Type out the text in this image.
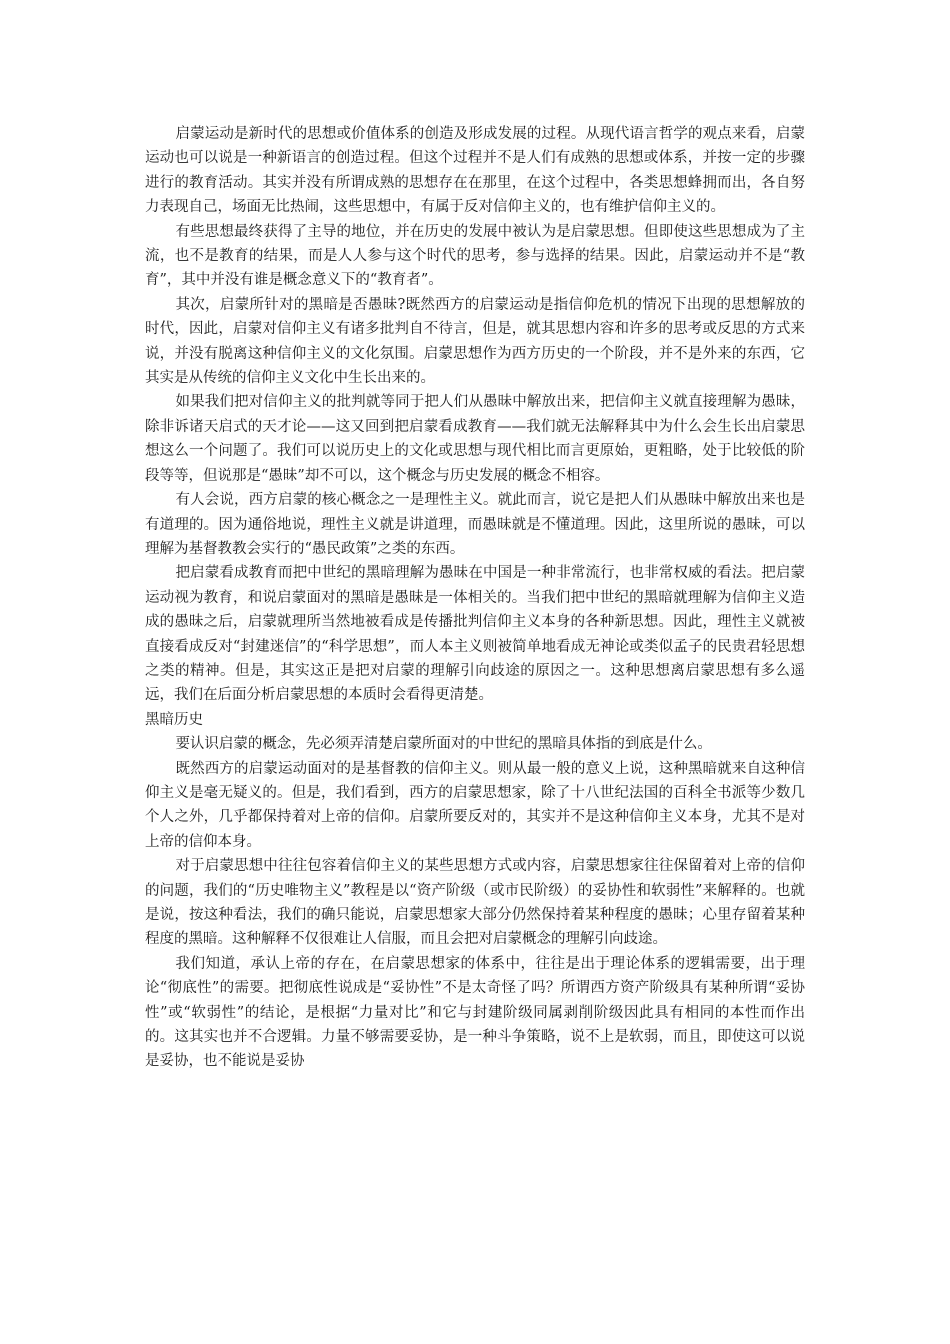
启蒙运动是新时代的思想或价值体系的创造及形成发展的过程。从现代语言哲学的观点来看，启蒙运动也可以说是一种新语言的创造过程。但这个过程并不是人们有成熟的思想或体系，并按一定的步骤进行的教育活动。其实并没有所谓成熟的思想存在在那里，在这个过程中，各类思想蜂拥而出，各自努力表现自己，场面无比热闹，这些思想中，有属于反对信仰主义的，也有维护信仰主义的。

有些思想最终获得了主导的地位，并在历史的发展中被认为是启蒙思想。但即使这些思想成为了主流，也不是教育的结果，而是人人参与这个时代的思考，参与选择的结果。因此，启蒙运动并不是“教育”，其中并没有谁是概念意义下的“教育者”。

其次，启蒙所针对的黑暗是否愚昧?既然西方的启蒙运动是指信仰危机的情况下出现的思想解放的时代，因此，启蒙对信仰主义有诸多批判自不待言，但是，就其思想内容和许多的思考或反思的方式来说，并没有脱离这种信仰主义的文化氛围。启蒙思想作为西方历史的一个阶段，并不是外来的东西，它其实是从传统的信仰主义文化中生长出来的。

如果我们把对信仰主义的批判就等同于把人们从愚昧中解放出来，把信仰主义就直接理解为愚昧，除非诉诸天启式的天才论——这又回到把启蒙看成教育——我们就无法解释其中为什么会生长出启蒙思想这么一个问题了。我们可以说历史上的文化或思想与现代相比而言更原始，更粗略，处于比较低的阶段等等，但说那是“愚昧”却不可以，这个概念与历史发展的概念不相容。

有人会说，西方启蒙的核心概念之一是理性主义。就此而言，说它是把人们从愚昧中解放出来也是有道理的。因为通俗地说，理性主义就是讲道理，而愚昧就是不懂道理。因此，这里所说的愚昧，可以理解为基督教教会实行的“愚民政策”之类的东西。

把启蒙看成教育而把中世纪的黑暗理解为愚昧在中国是一种非常流行，也非常权威的看法。把启蒙运动视为教育，和说启蒙面对的黑暗是愚昧是一体相关的。当我们把中世纪的黑暗就理解为信仰主义造成的愚昧之后，启蒙就理所当然地被看成是传播批判信仰主义本身的各种新思想。因此，理性主义就被直接看成反对“封建迷信”的“科学思想”，而人本主义则被简单地看成无神论或类似孟子的民贵君轻思想之类的精神。但是，其实这正是把对启蒙的理解引向歧途的原因之一。这种思想离启蒙思想有多么遥远，我们在后面分析启蒙思想的本质时会看得更清楚。

黑暗历史

要认识启蒙的概念，先必须弄清楚启蒙所面对的中世纪的黑暗具体指的到底是什么。

既然西方的启蒙运动面对的是基督教的信仰主义。则从最一般的意义上说，这种黑暗就来自这种信仰主义是毫无疑义的。但是，我们看到，西方的启蒙思想家，除了十八世纪法国的百科全书派等少数几个人之外，几乎都保持着对上帝的信仰。启蒙所要反对的，其实并不是这种信仰主义本身，尤其不是对上帝的信仰本身。

对于启蒙思想中往往包容着信仰主义的某些思想方式或内容，启蒙思想家往往保留着对上帝的信仰的问题，我们的“历史唯物主义”教程是以“资产阶级（或市民阶级）的妥协性和软弱性”来解释的。也就是说，按这种看法，我们的确只能说，启蒙思想家大部分仍然保持着某种程度的愚昧；心里存留着某种程度的黑暗。这种解释不仅很难让人信服，而且会把对启蒙概念的理解引向歧途。

我们知道，承认上帝的存在，在启蒙思想家的体系中，往往是出于理论体系的逻辑需要，出于理论“彻底性”的需要。把彻底性说成是“妥协性”不是太奇怪了吗？所谓西方资产阶级具有某种所谓“妥协性”或“软弱性”的结论，是根据“力量对比”和它与封建阶级同属剥削阶级因此具有相同的本性而作出的。这其实也并不合逻辑。力量不够需要妥协，是一种斗争策略，说不上是软弱，而且，即使这可以说是妥协，也不能说是妥协
